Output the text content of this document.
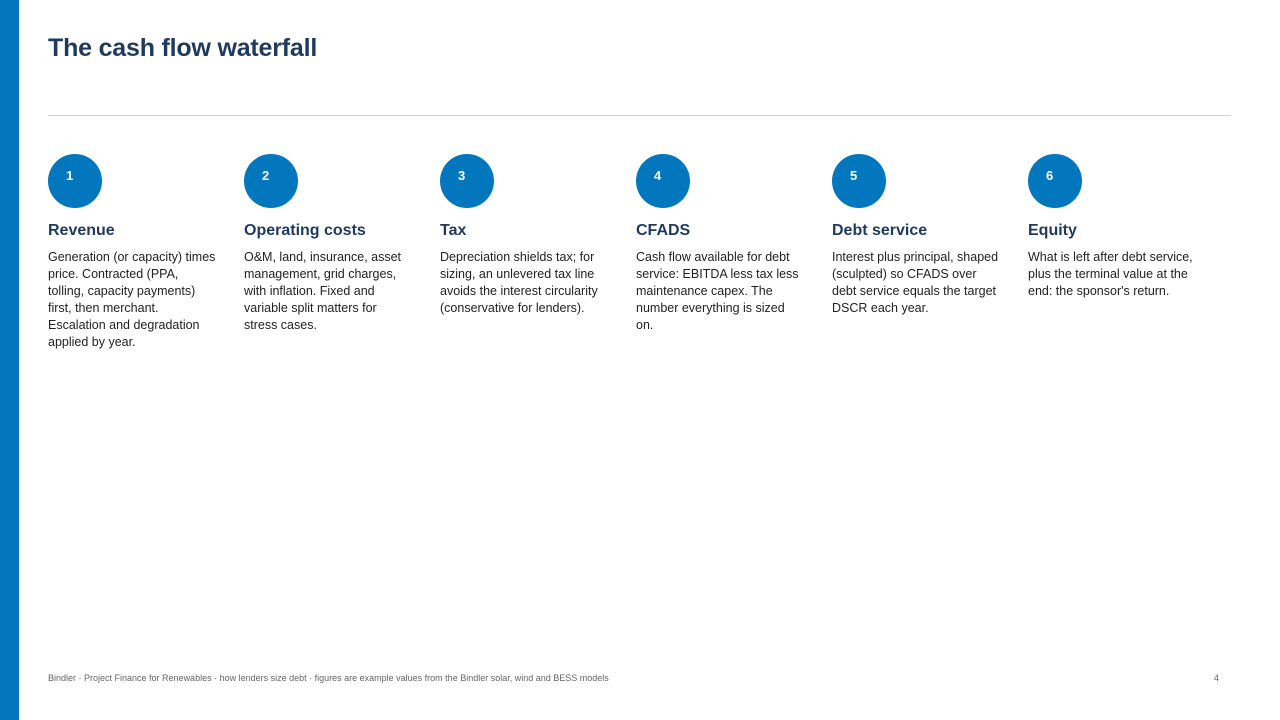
The cash flow waterfall
1
Revenue
Generation (or capacity) times price. Contracted (PPA, tolling, capacity payments) first, then merchant. Escalation and degradation applied by year.
2
Operating costs
O&M, land, insurance, asset management, grid charges, with inflation. Fixed and variable split matters for stress cases.
3
Tax
Depreciation shields tax; for sizing, an unlevered tax line avoids the interest circularity (conservative for lenders).
4
CFADS
Cash flow available for debt service: EBITDA less tax less maintenance capex. The number everything is sized on.
5
Debt service
Interest plus principal, shaped (sculpted) so CFADS over debt service equals the target DSCR each year.
6
Equity
What is left after debt service, plus the terminal value at the end: the sponsor's return.
Bindler · Project Finance for Renewables · how lenders size debt · figures are example values from the Bindler solar, wind and BESS models	4
